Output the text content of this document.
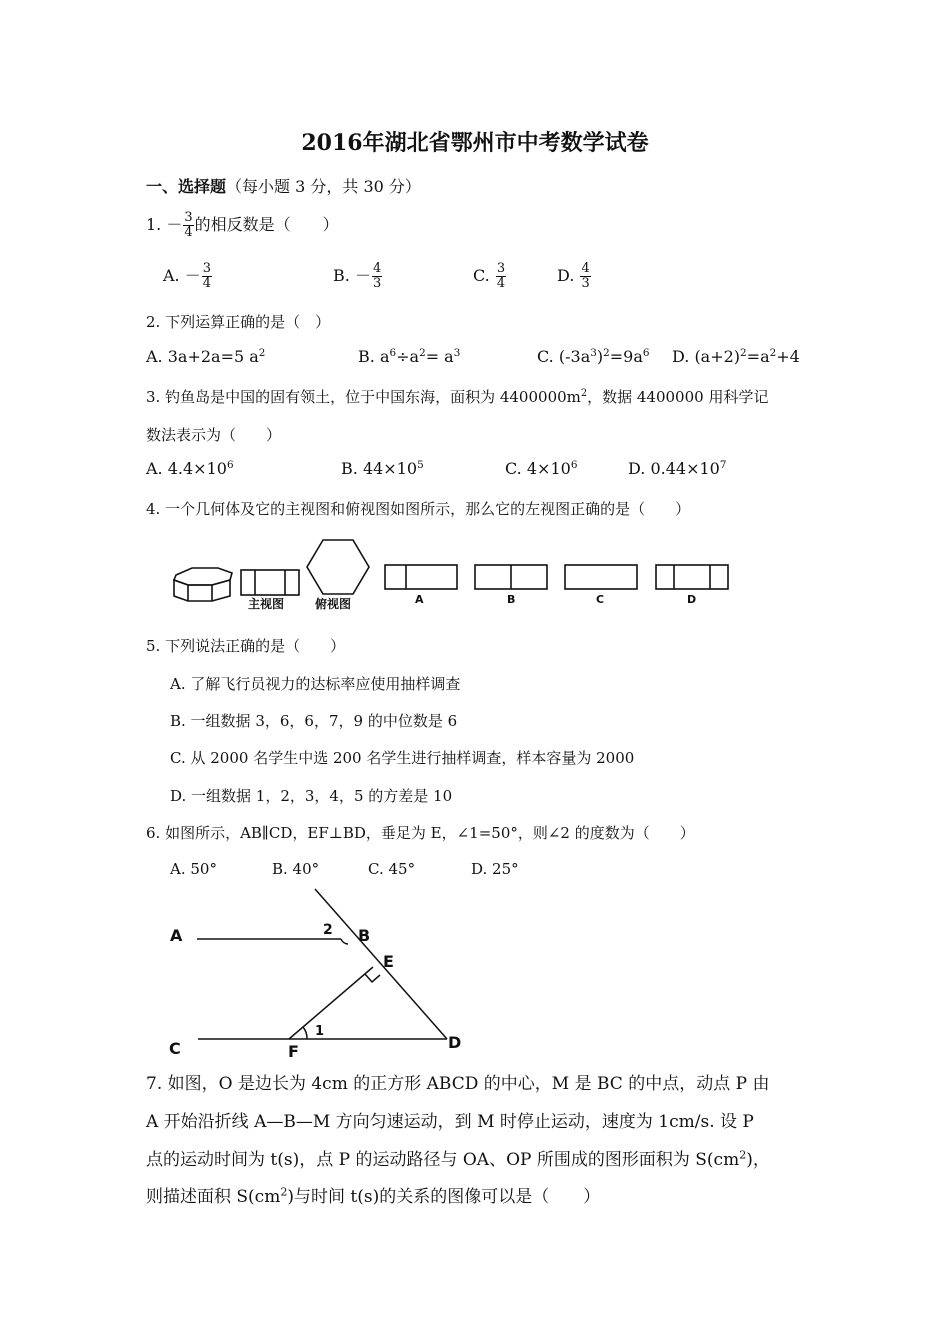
2016年湖北省鄂州市中考数学试卷
一、选择题（每小题 3 分，共 30 分）
1. － $\frac{3}{4}$ 的相反数是（　　）
A. － $\frac{3}{4}$	B. － $\frac{4}{3}$	C. $\frac{3}{4}$	D. $\frac{4}{3}$
2. 下列运算正确的是（　）
A. 3a+2a=5 $a^2$	B. $a^6\div a^2= a^3$	C. $(-3a^3)^2=9a^6$ D. $(a+2)^2=a^2+4$
3. 钓鱼岛是中国的固有领土，位于中国东海，面积为 $4400000m^2$，数据 4400000 用科学记
数法表示为（　　）
A. $4.4\times 10^6$	B. $44\times 10^5$	C. $4\times 10^6$	D. $0.44\times 10^7$
4. 一个几何体及它的主视图和俯视图如图所示，那么它的左视图正确的是（　　）
主视图	俯视图	A	B	C	D
5. 下列说法正确的是（　　）
A. 了解飞行员视力的达标率应使用抽样调查
B. 一组数据 3，6，6，7，9 的中位数是 6
C. 从 2000 名学生中选 200 名学生进行抽样调查，样本容量为 2000
D. 一组数据 1，2，3，4，5 的方差是 10
6. 如图所示，AB∥CD，EF⊥BD，垂足为 E，∠1=50°，则∠2 的度数为（　　）
A. 50°	B. 40°	C. 45°	D. 25°
A	B
2
E
C	F
1
D
7. 如图，O 是边长为 4cm 的正方形 ABCD 的中心，M 是 BC 的中点，动点 P 由
A 开始沿折线 A—B—M 方向匀速运动，到 M 时停止运动，速度为 1cm/s. 设 P
点的运动时间为 t(s)，点 P 的运动路径与 OA、OP 所围成的图形面积为 $S(cm^2)$，
则描述面积 $S(cm^2)$与时间 t(s)的关系的图像可以是（　　）
